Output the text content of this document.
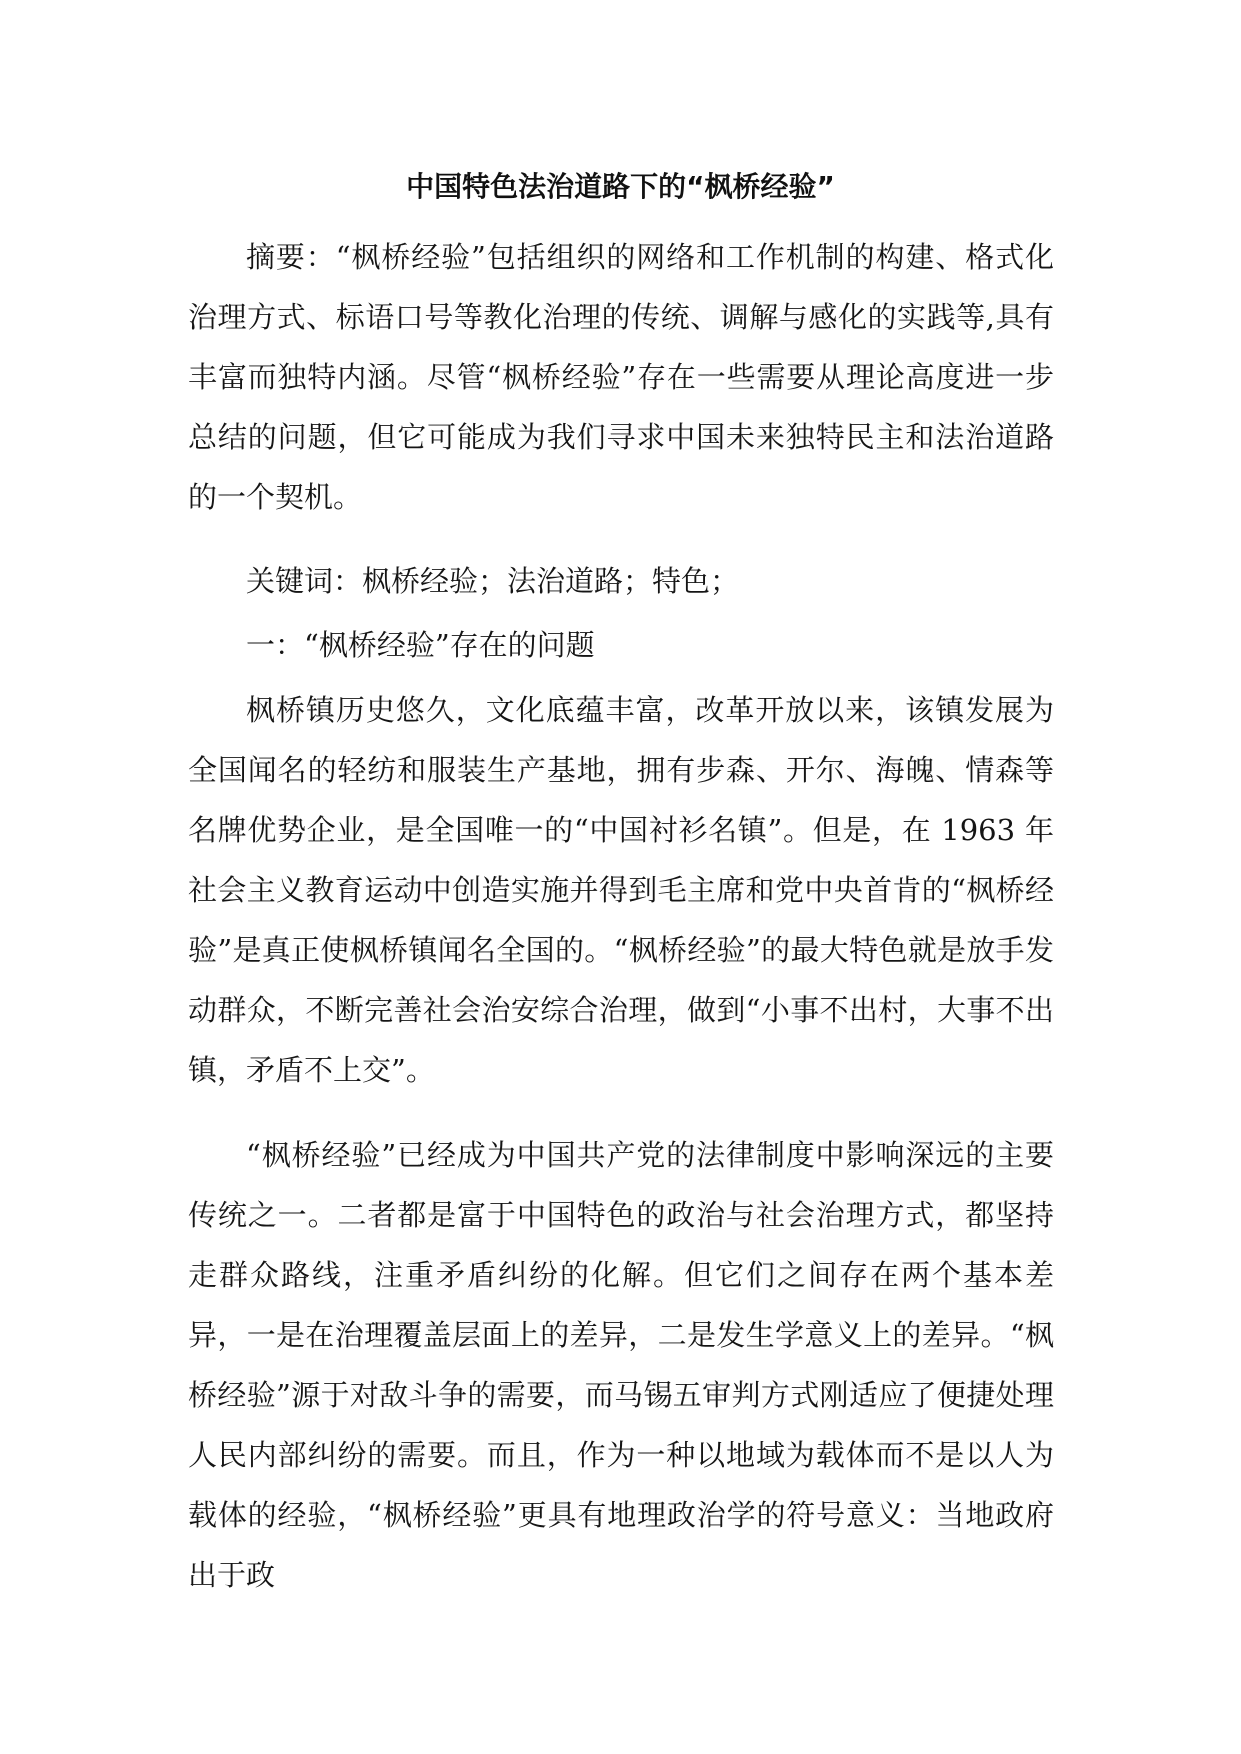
中国特色法治道路下的“枫桥经验”

摘要：“枫桥经验”包括组织的网络和工作机制的构建、格式化治理方式、标语口号等教化治理的传统、调解与感化的实践等,具有丰富而独特内涵。尽管“枫桥经验”存在一些需要从理论高度进一步总结的问题，但它可能成为我们寻求中国未来独特民主和法治道路的一个契机。

关键词：枫桥经验；法治道路；特色；

一：“枫桥经验”存在的问题

枫桥镇历史悠久，文化底蕴丰富，改革开放以来，该镇发展为全国闻名的轻纺和服装生产基地，拥有步森、开尔、海魄、情森等名牌优势企业，是全国唯一的“中国衬衫名镇”。但是，在 1963 年社会主义教育运动中创造实施并得到毛主席和党中央首肯的“枫桥经验”是真正使枫桥镇闻名全国的。“枫桥经验”的最大特色就是放手发动群众，不断完善社会治安综合治理，做到“小事不出村，大事不出镇，矛盾不上交”。

“枫桥经验”已经成为中国共产党的法律制度中影响深远的主要传统之一。二者都是富于中国特色的政治与社会治理方式，都坚持走群众路线，注重矛盾纠纷的化解。但它们之间存在两个基本差异，一是在治理覆盖层面上的差异，二是发生学意义上的差异。“枫桥经验”源于对敌斗争的需要，而马锡五审判方式刚适应了便捷处理人民内部纠纷的需要。而且，作为一种以地域为载体而不是以人为载体的经验，“枫桥经验”更具有地理政治学的符号意义：当地政府出于政
